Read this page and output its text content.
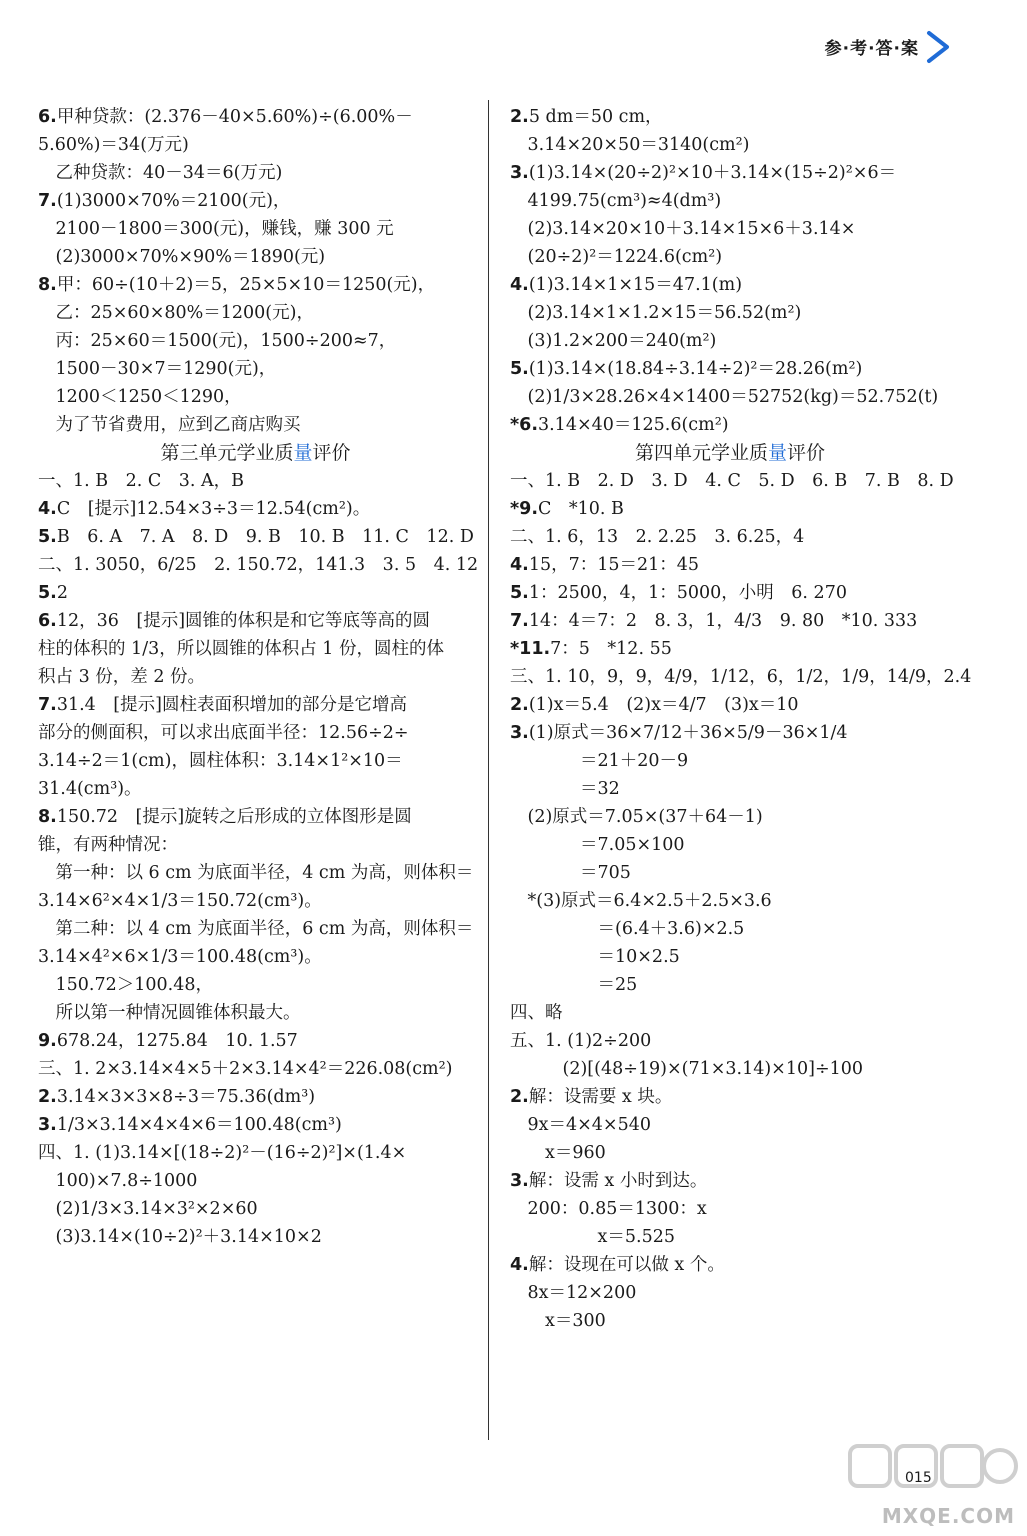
参·考·答·案
6.甲种贷款：(2.376－40×5.60%)÷(6.00%－
5.60%)＝34(万元)
　乙种贷款：40－34＝6(万元)
7.(1)3000×70%＝2100(元)，
　2100－1800＝300(元)，赚钱，赚 300 元
　(2)3000×70%×90%＝1890(元)
8.甲：60÷(10＋2)＝5，25×5×10＝1250(元)，
　乙：25×60×80%＝1200(元)，
　丙：25×60＝1500(元)，1500÷200≈7，
　1500－30×7＝1290(元)，
　1200＜1250＜1290，
　为了节省费用，应到乙商店购买
第三单元学业质量评价
一、1. B　2. C　3. A，B
4.C　[提示]12.54×3÷3＝12.54(cm²)。
5.B　6. A　7. A　8. D　9. B　10. B　11. C　12. D
二、1. 3050，6/25　2. 150.72，141.3　3. 5　4. 12
5.2
6.12，36　[提示]圆锥的体积是和它等底等高的圆
柱的体积的 1/3，所以圆锥的体积占 1 份，圆柱的体
积占 3 份，差 2 份。
7.31.4　[提示]圆柱表面积增加的部分是它增高
部分的侧面积，可以求出底面半径：12.56÷2÷
3.14÷2＝1(cm)，圆柱体积：3.14×1²×10＝
31.4(cm³)。
8.150.72　[提示]旋转之后形成的立体图形是圆
锥，有两种情况：
　第一种：以 6 cm 为底面半径，4 cm 为高，则体积＝
3.14×6²×4×1/3＝150.72(cm³)。
　第二种：以 4 cm 为底面半径，6 cm 为高，则体积＝
3.14×4²×6×1/3＝100.48(cm³)。
　150.72＞100.48，
　所以第一种情况圆锥体积最大。
9.678.24，1275.84　10. 1.57
三、1. 2×3.14×4×5＋2×3.14×4²＝226.08(cm²)
2.3.14×3×3×8÷3＝75.36(dm³)
3.1/3×3.14×4×4×6＝100.48(cm³)
四、1. (1)3.14×[(18÷2)²－(16÷2)²]×(1.4×
　100)×7.8÷1000
　(2)1/3×3.14×3²×2×60
　(3)3.14×(10÷2)²＋3.14×10×2
2.5 dm＝50 cm，
　3.14×20×50＝3140(cm²)
3.(1)3.14×(20÷2)²×10＋3.14×(15÷2)²×6＝
　4199.75(cm³)≈4(dm³)
　(2)3.14×20×10＋3.14×15×6＋3.14×
　(20÷2)²＝1224.6(cm²)
4.(1)3.14×1×15＝47.1(m)
　(2)3.14×1×1.2×15＝56.52(m²)
　(3)1.2×200＝240(m²)
5.(1)3.14×(18.84÷3.14÷2)²＝28.26(m²)
　(2)1/3×28.26×4×1400＝52752(kg)＝52.752(t)
*6.3.14×40＝125.6(cm²)
第四单元学业质量评价
一、1. B　2. D　3. D　4. C　5. D　6. B　7. B　8. D
*9.C　*10. B
二、1. 6，13　2. 2.25　3. 6.25，4
4.15，7：15＝21：45
5.1：2500，4，1：5000，小明　6. 270
7.14：4＝7：2　8. 3，1，4/3　9. 80　*10. 333
*11.7：5　*12. 55
三、1. 10，9，9，4/9，1/12，6，1/2，1/9，14/9，2.4
2.(1)x＝5.4　(2)x＝4/7　(3)x＝10
3.(1)原式＝36×7/12＋36×5/9－36×1/4
　　　　＝21＋20－9
　　　　＝32
　(2)原式＝7.05×(37＋64－1)
　　　　＝7.05×100
　　　　＝705
　*(3)原式＝6.4×2.5＋2.5×3.6
　　　　　＝(6.4＋3.6)×2.5
　　　　　＝10×2.5
　　　　　＝25
四、略
五、1. (1)2÷200
　　　(2)[(48÷19)×(71×3.14)×10]÷100
2.解：设需要 x 块。
　9x＝4×4×540
　　x＝960
3.解：设需 x 小时到达。
　200：0.85＝1300：x
　　　　　x＝5.525
4.解：设现在可以做 x 个。
　8x＝12×200
　　x＝300
015
MXQE.COM
